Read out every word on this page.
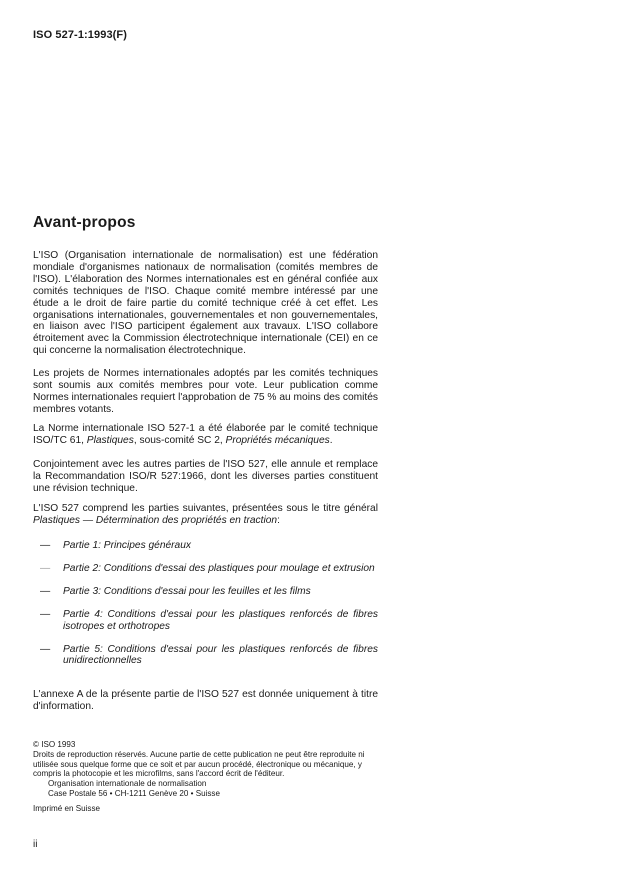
ISO 527-1:1993(F)
Avant-propos
L'ISO (Organisation internationale de normalisation) est une fédération mondiale d'organismes nationaux de normalisation (comités membres de l'ISO). L'élaboration des Normes internationales est en général confiée aux comités techniques de l'ISO. Chaque comité membre intéressé par une étude a le droit de faire partie du comité technique créé à cet effet. Les organisations internationales, gouvernementales et non gouvernementales, en liaison avec l'ISO participent également aux travaux. L'ISO collabore étroitement avec la Commission électrotechnique internationale (CEI) en ce qui concerne la normalisation électrotechnique.
Les projets de Normes internationales adoptés par les comités techniques sont soumis aux comités membres pour vote. Leur publication comme Normes internationales requiert l'approbation de 75 % au moins des comités membres votants.
La Norme internationale ISO 527-1 a été élaborée par le comité technique ISO/TC 61, Plastiques, sous-comité SC 2, Propriétés mécaniques.
Conjointement avec les autres parties de l'ISO 527, elle annule et remplace la Recommandation ISO/R 527:1966, dont les diverses parties constituent une révision technique.
L'ISO 527 comprend les parties suivantes, présentées sous le titre général Plastiques — Détermination des propriétés en traction:
—	Partie 1: Principes généraux
—	Partie 2: Conditions d'essai des plastiques pour moulage et extrusion
—	Partie 3: Conditions d'essai pour les feuilles et les films
—	Partie 4: Conditions d'essai pour les plastiques renforcés de fibres isotropes et orthotropes
—	Partie 5: Conditions d'essai pour les plastiques renforcés de fibres unidirectionnelles
L'annexe A de la présente partie de l'ISO 527 est donnée uniquement à titre d'information.
© ISO 1993
Droits de reproduction réservés. Aucune partie de cette publication ne peut être reproduite ni utilisée sous quelque forme que ce soit et par aucun procédé, électronique ou mécanique, y compris la photocopie et les microfilms, sans l'accord écrit de l'éditeur.
Organisation internationale de normalisation
Case Postale 56 • CH-1211 Genève 20 • Suisse
Imprimé en Suisse
ii
